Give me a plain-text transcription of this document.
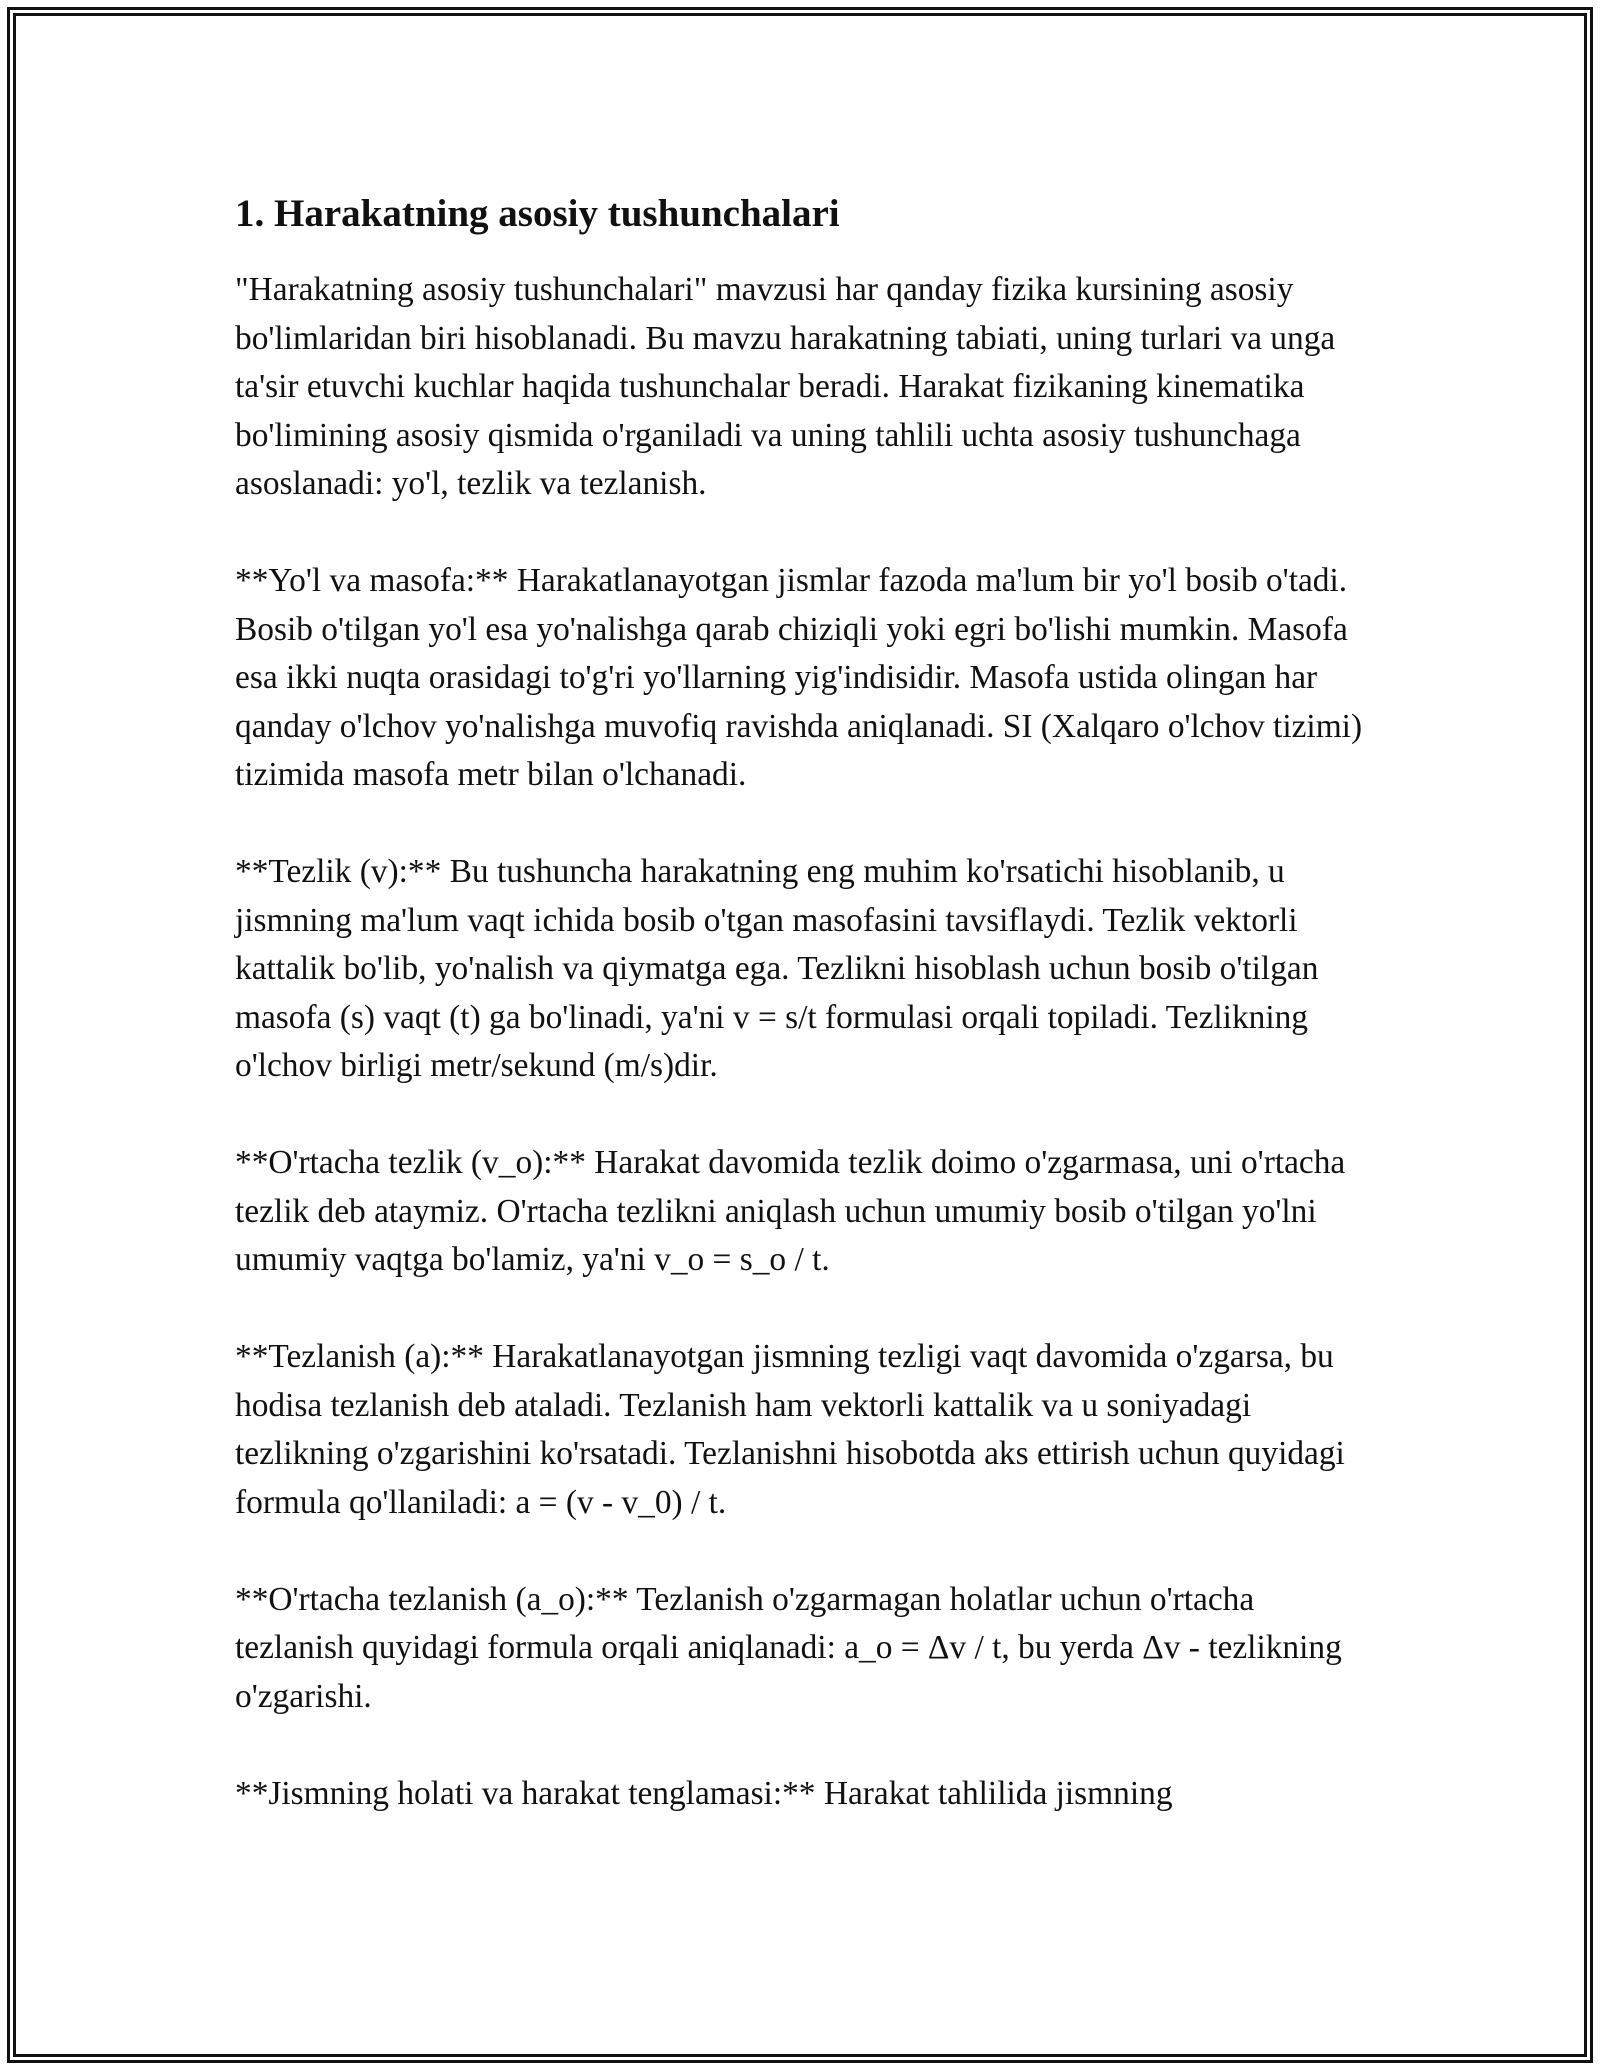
1. Harakatning asosiy tushunchalari

"Harakatning asosiy tushunchalari" mavzusi har qanday fizika kursining asosiy bo'limlaridan biri hisoblanadi. Bu mavzu harakatning tabiati, uning turlari va unga ta'sir etuvchi kuchlar haqida tushunchalar beradi. Harakat fizikaning kinematika bo'limining asosiy qismida o'rganiladi va uning tahlili uchta asosiy tushunchaga asoslanadi: yo'l, tezlik va tezlanish.

**Yo'l va masofa:** Harakatlanayotgan jismlar fazoda ma'lum bir yo'l bosib o'tadi. Bosib o'tilgan yo'l esa yo'nalishga qarab chiziqli yoki egri bo'lishi mumkin. Masofa esa ikki nuqta orasidagi to'g'ri yo'llarning yig'indisidir. Masofa ustida olingan har qanday o'lchov yo'nalishga muvofiq ravishda aniqlanadi. SI (Xalqaro o'lchov tizimi) tizimida masofa metr bilan o'lchanadi.

**Tezlik (v):** Bu tushuncha harakatning eng muhim ko'rsatichi hisoblanib, u jismning ma'lum vaqt ichida bosib o'tgan masofasini tavsiflaydi. Tezlik vektorli kattalik bo'lib, yo'nalish va qiymatga ega. Tezlikni hisoblash uchun bosib o'tilgan masofa (s) vaqt (t) ga bo'linadi, ya'ni v = s/t formulasi orqali topiladi. Tezlikning o'lchov birligi metr/sekund (m/s)dir.

**O'rtacha tezlik (v_o):** Harakat davomida tezlik doimo o'zgarmasa, uni o'rtacha tezlik deb ataymiz. O'rtacha tezlikni aniqlash uchun umumiy bosib o'tilgan yo'lni umumiy vaqtga bo'lamiz, ya'ni v_o = s_o / t.

**Tezlanish (a):** Harakatlanayotgan jismning tezligi vaqt davomida o'zgarsa, bu hodisa tezlanish deb ataladi. Tezlanish ham vektorli kattalik va u soniyadagi tezlikning o'zgarishini ko'rsatadi. Tezlanishni hisobotda aks ettirish uchun quyidagi formula qo'llaniladi: a = (v - v_0) / t.

**O'rtacha tezlanish (a_o):** Tezlanish o'zgarmagan holatlar uchun o'rtacha tezlanish quyidagi formula orqali aniqlanadi: a_o = Δv / t, bu yerda Δv - tezlikning o'zgarishi.

**Jismning holati va harakat tenglamasi:** Harakat tahlilida jismning
